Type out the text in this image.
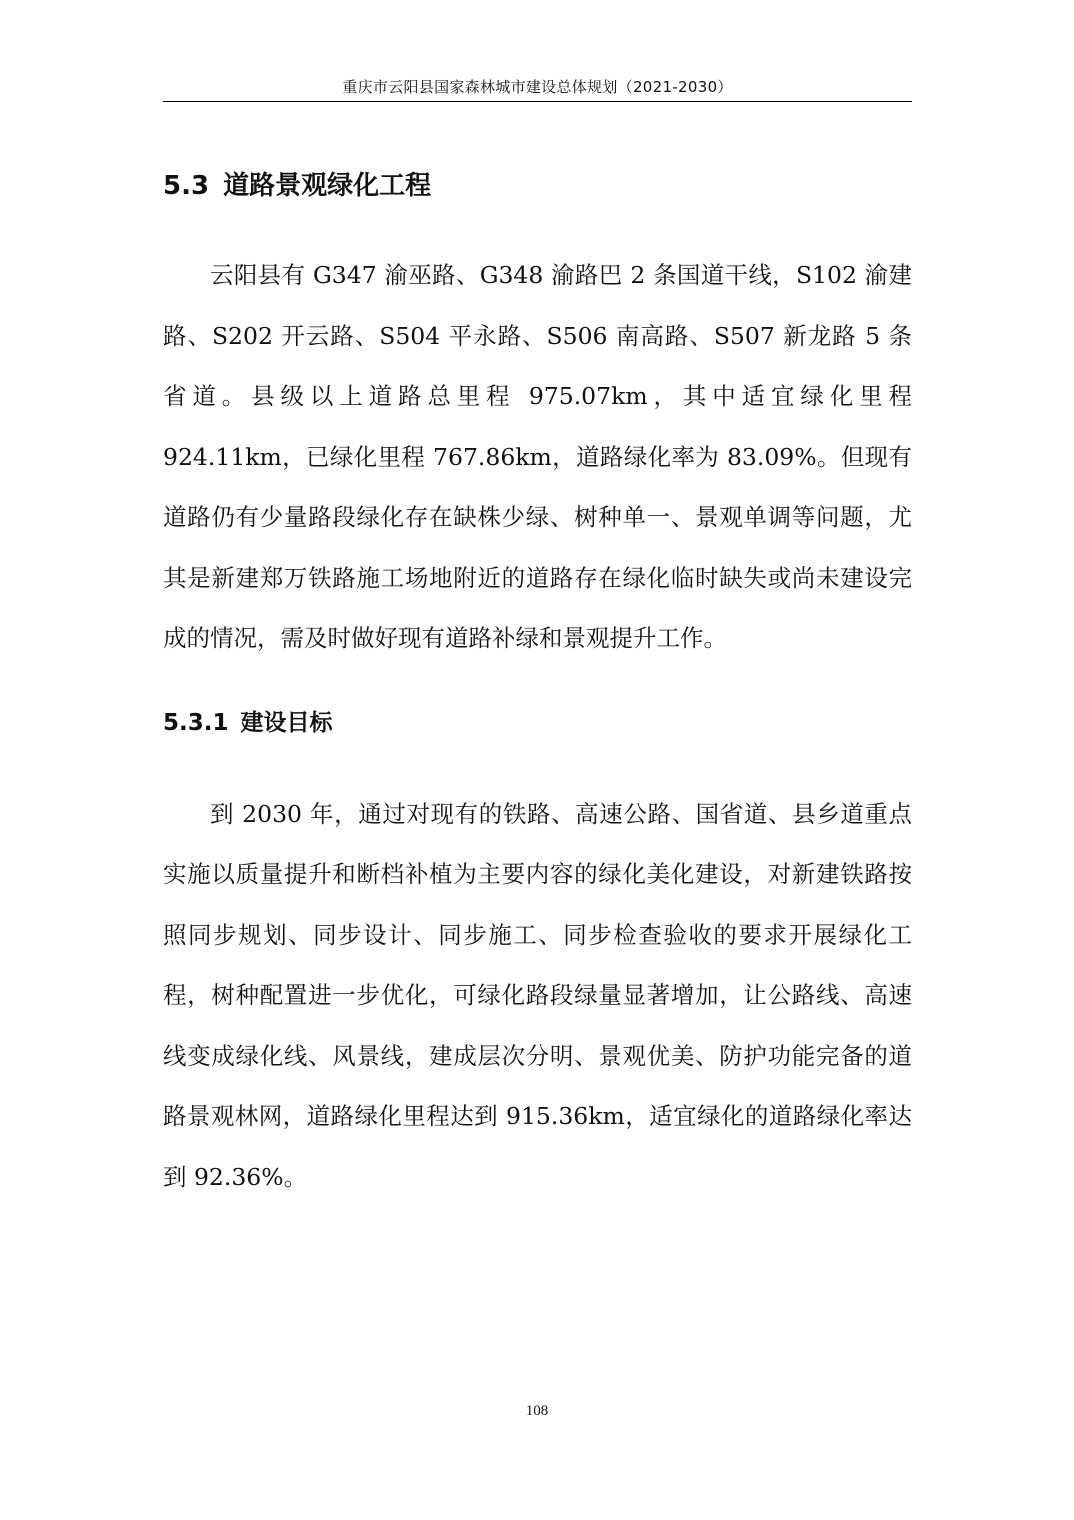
重庆市云阳县国家森林城市建设总体规划（2021-2030）
5.3 道路景观绿化工程

云阳县有 G347 渝巫路、G348 渝路巴 2 条国道干线，S102 渝建路、S202 开云路、S504 平永路、S506 南高路、S507 新龙路 5 条省道。县级以上道路总里程 975.07km，其中适宜绿化里程 924.11km，已绿化里程 767.86km，道路绿化率为 83.09%。但现有道路仍有少量路段绿化存在缺株少绿、树种单一、景观单调等问题，尤其是新建郑万铁路施工场地附近的道路存在绿化临时缺失或尚未建设完成的情况，需及时做好现有道路补绿和景观提升工作。

5.3.1 建设目标

到 2030 年，通过对现有的铁路、高速公路、国省道、县乡道重点实施以质量提升和断档补植为主要内容的绿化美化建设，对新建铁路按照同步规划、同步设计、同步施工、同步检查验收的要求开展绿化工程，树种配置进一步优化，可绿化路段绿量显著增加，让公路线、高速线变成绿化线、风景线，建成层次分明、景观优美、防护功能完备的道路景观林网，道路绿化里程达到 915.36km，适宜绿化的道路绿化率达到 92.36%。

108
